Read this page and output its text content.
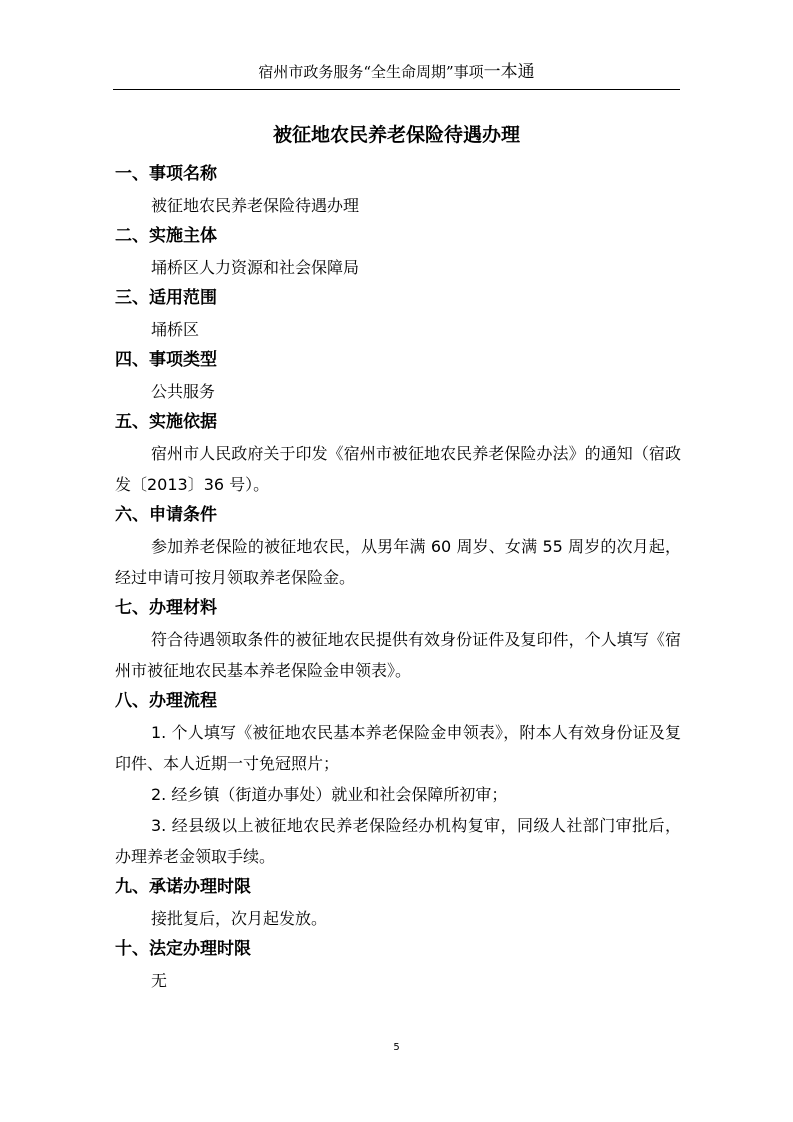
宿州市政务服务“全生命周期”事项一本通
被征地农民养老保险待遇办理
一、事项名称
被征地农民养老保险待遇办理
二、实施主体
埇桥区人力资源和社会保障局
三、适用范围
埇桥区
四、事项类型
公共服务
五、实施依据
宿州市人民政府关于印发《宿州市被征地农民养老保险办法》的通知（宿政发〔2013〕36 号）。
六、申请条件
参加养老保险的被征地农民，从男年满 60 周岁、女满 55 周岁的次月起，经过申请可按月领取养老保险金。
七、办理材料
符合待遇领取条件的被征地农民提供有效身份证件及复印件，个人填写《宿州市被征地农民基本养老保险金申领表》。
八、办理流程
1. 个人填写《被征地农民基本养老保险金申领表》，附本人有效身份证及复印件、本人近期一寸免冠照片；
2. 经乡镇（街道办事处）就业和社会保障所初审；
3. 经县级以上被征地农民养老保险经办机构复审，同级人社部门审批后，办理养老金领取手续。
九、承诺办理时限
接批复后，次月起发放。
十、法定办理时限
无
5
